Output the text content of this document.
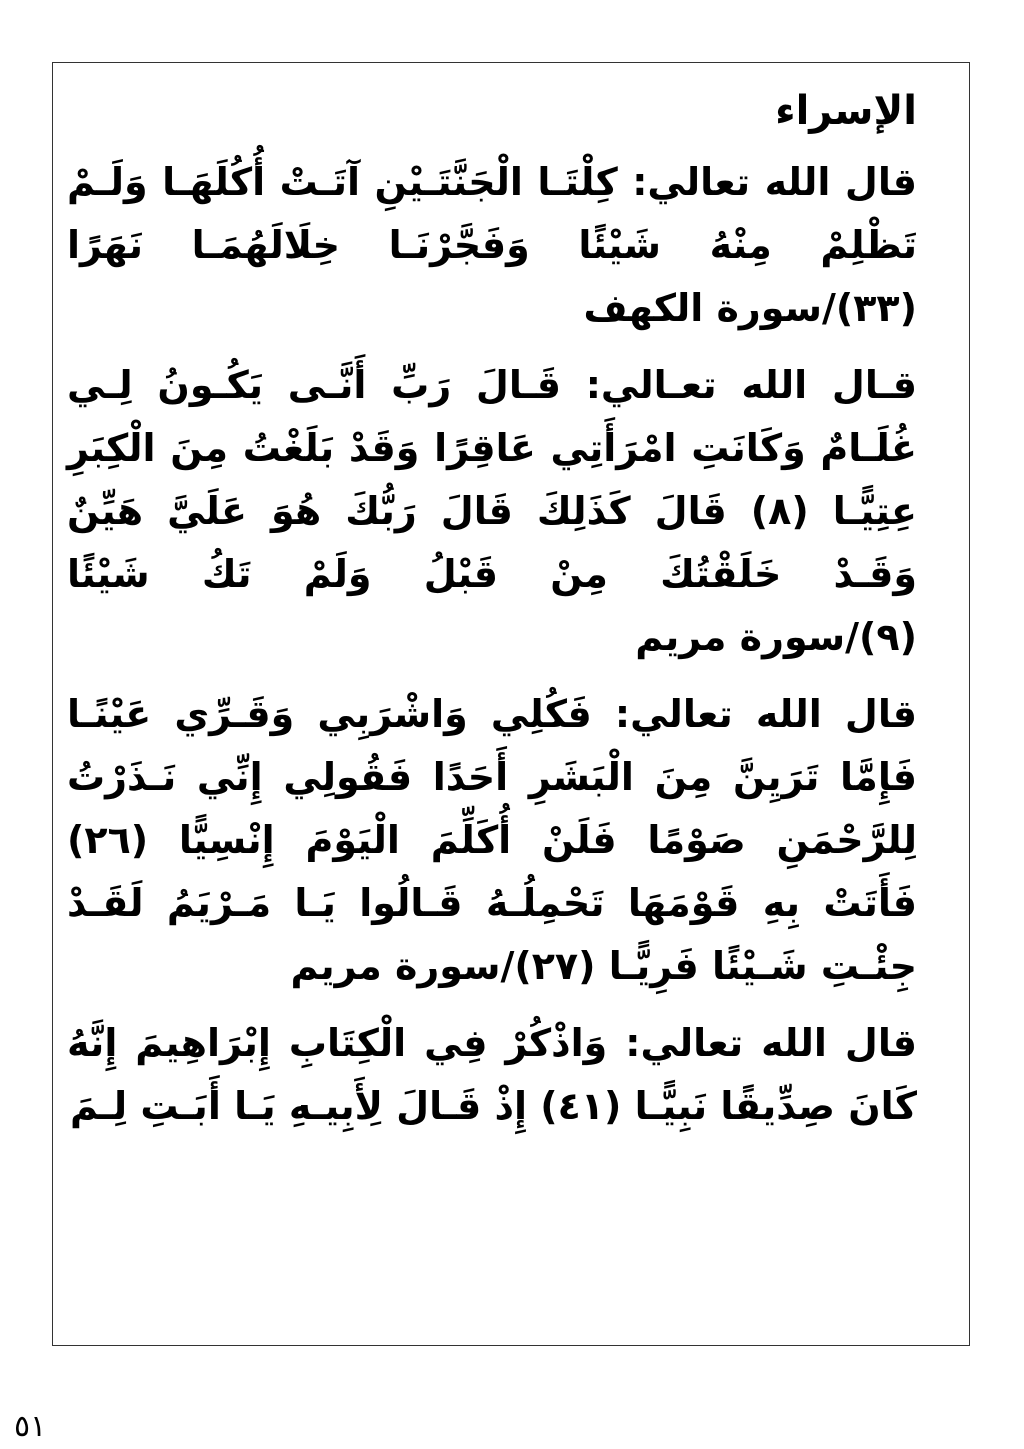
الإسراء

قال الله تعالي: كِلْتَـا الْجَنَّتَـيْنِ آتَـتْ أُكُلَهَـا وَلَـمْ تَظْلِمْ مِنْهُ شَيْئًا وَفَجَّرْنَـا خِلَالَهُمَـا نَهَرًا (٣٣)/سورة الكهف

قـال الله تعـالي: قَـالَ رَبِّ أَنَّـى يَكُـونُ لِـي غُلَـامٌ وَكَانَتِ امْرَأَتِي عَاقِرًا وَقَدْ بَلَغْتُ مِنَ الْكِبَرِ عِتِيًّـا (٨) قَالَ كَذَلِكَ قَالَ رَبُّكَ هُوَ عَلَيَّ هَيِّنٌ وَقَـدْ خَلَقْتُكَ مِنْ قَبْلُ وَلَمْ تَكُ شَيْئًا (٩)/سورة مريم

قال الله تعالي: فَكُلِي وَاشْرَبِي وَقَـرِّي عَيْنًـا فَإِمَّا تَرَيِنَّ مِنَ الْبَشَرِ أَحَدًا فَقُولِي إِنِّي نَـذَرْتُ لِلرَّحْمَنِ صَوْمًا فَلَنْ أُكَلِّمَ الْيَوْمَ إِنْسِيًّا (٢٦) فَأَتَتْ بِهِ قَوْمَهَا تَحْمِلُـهُ قَـالُوا يَـا مَـرْيَمُ لَقَـدْ جِئْـتِ شَـيْئًا فَرِيًّـا (٢٧)/سورة مريم

قال الله تعالي: وَاذْكُرْ فِي الْكِتَابِ إِبْرَاهِيمَ إِنَّهُ كَانَ صِدِّيقًا نَبِيًّـا (٤١) إِذْ قَـالَ لِأَبِيـهِ يَـا أَبَـتِ لِـمَ

٥١
